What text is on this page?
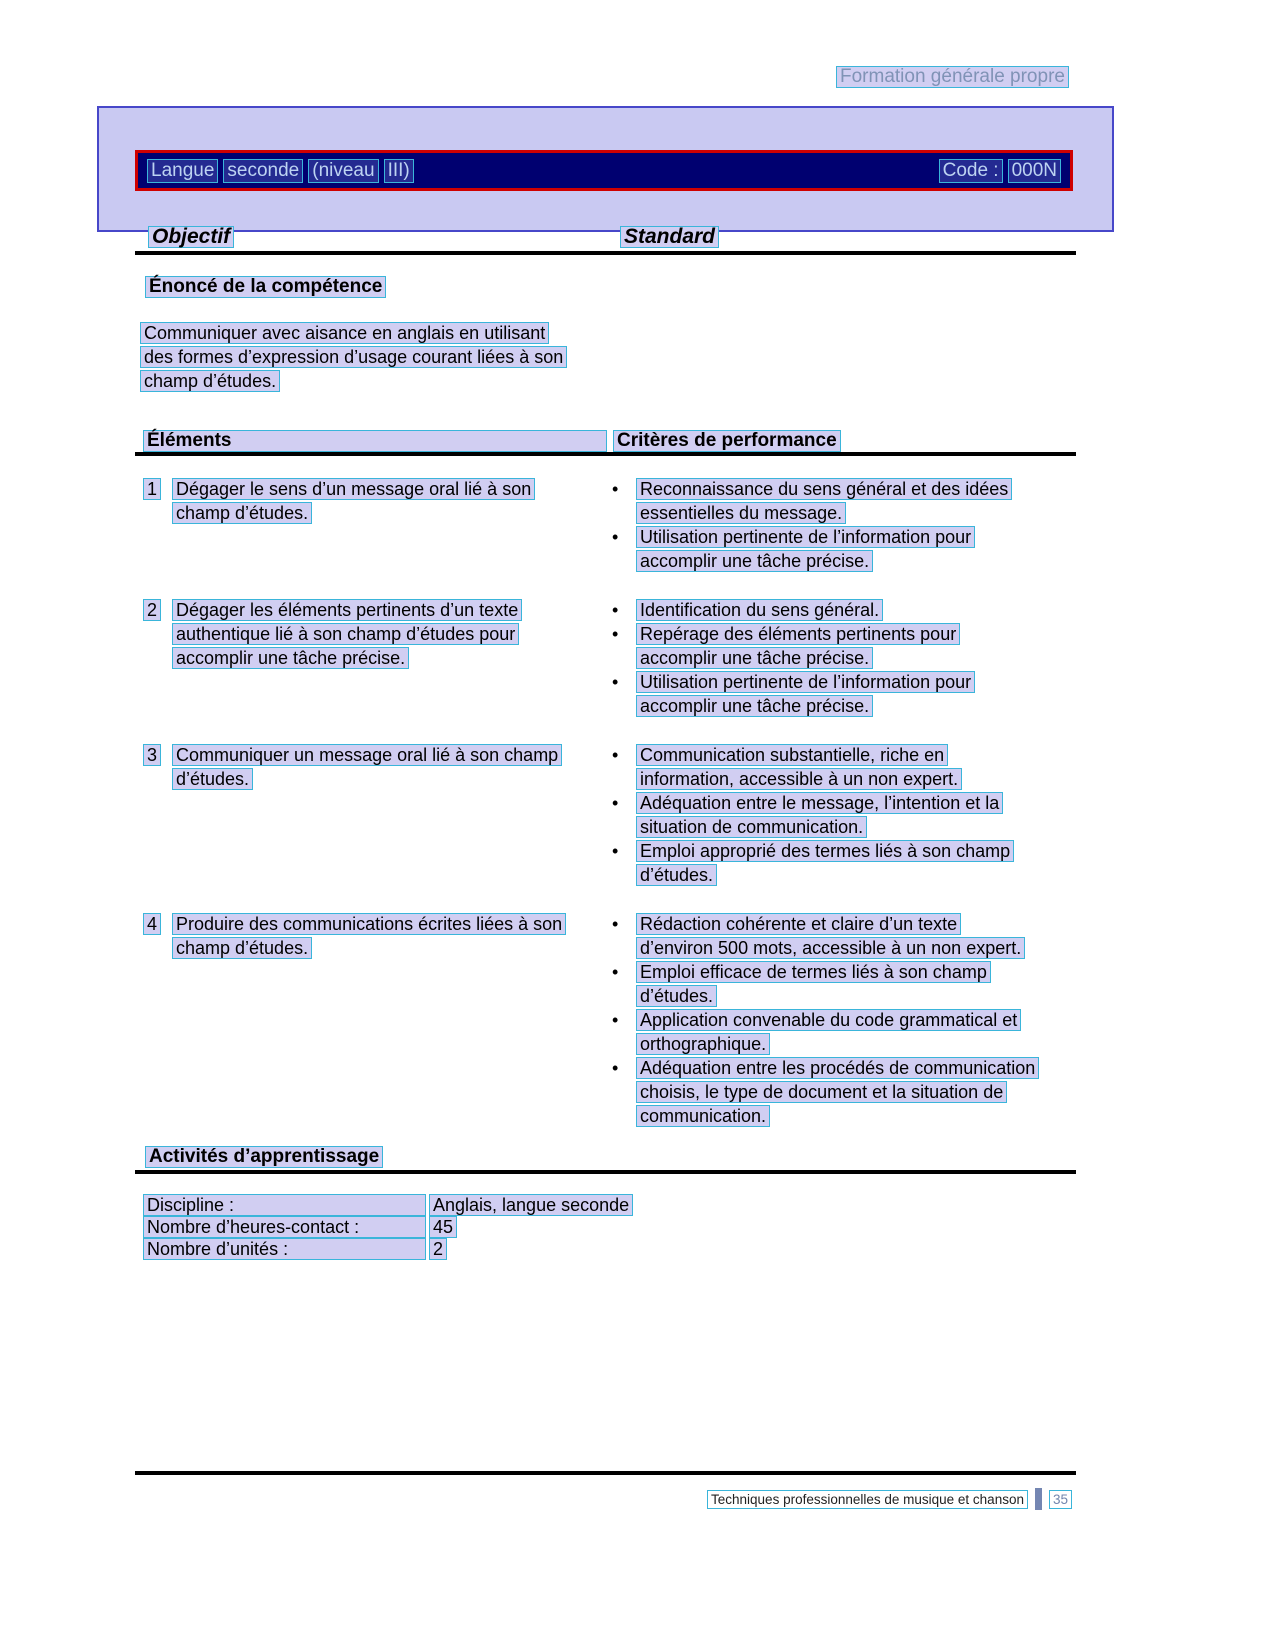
Formation générale propre
Langue seconde (niveau III)	Code : 000N
Objectif	Standard
Énoncé de la compétence
Communiquer avec aisance en anglais en utilisant
des formes d’expression d’usage courant liées à son
champ d’études.
Éléments	Critères de performance
1	Dégager le sens d’un message oral lié à son
champ d’études.
•	Reconnaissance du sens général et des idées
essentielles du message.
•	Utilisation pertinente de l’information pour
accomplir une tâche précise.
2	Dégager les éléments pertinents d’un texte
authentique lié à son champ d’études pour
accomplir une tâche précise.
•	Identification du sens général.
•	Repérage des éléments pertinents pour
accomplir une tâche précise.
•	Utilisation pertinente de l’information pour
accomplir une tâche précise.
3	Communiquer un message oral lié à son champ
d’études.
•	Communication substantielle, riche en
information, accessible à un non expert.
•	Adéquation entre le message, l’intention et la
situation de communication.
•	Emploi approprié des termes liés à son champ
d’études.
4	Produire des communications écrites liées à son
champ d’études.
•	Rédaction cohérente et claire d’un texte
d’environ 500 mots, accessible à un non expert.
•	Emploi efficace de termes liés à son champ
d’études.
•	Application convenable du code grammatical et
orthographique.
•	Adéquation entre les procédés de communication
choisis, le type de document et la situation de
communication.
Activités d’apprentissage
Discipline :	Anglais, langue seconde
Nombre d’heures-contact :	45
Nombre d’unités :	2
Techniques professionnelles de musique et chanson 35
